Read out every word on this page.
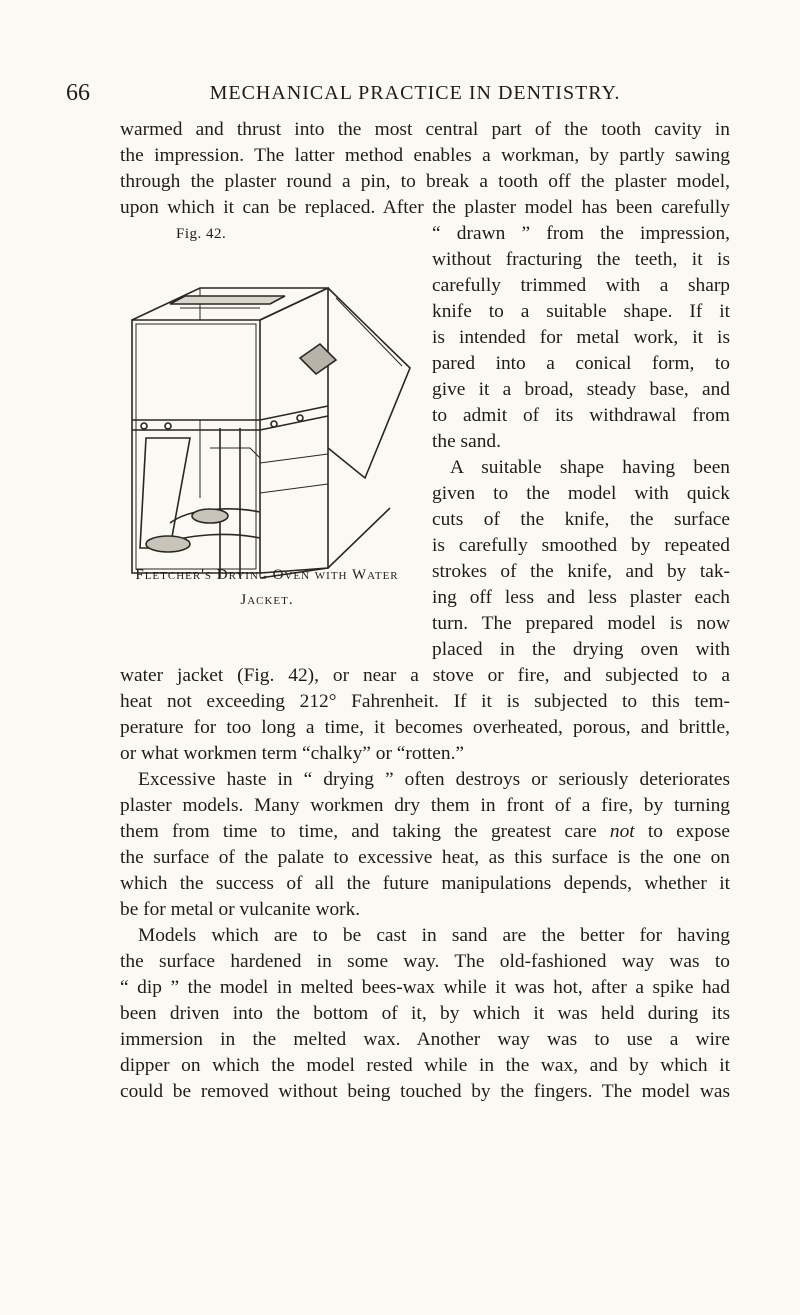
66	MECHANICAL PRACTICE IN DENTISTRY.
warmed and thrust into the most central part of the tooth cavity in
the impression. The latter method enables a workman, by partly sawing
through the plaster round a pin, to break a tooth off the plaster model,
upon which it can be replaced. After the plaster model has been carefully
“ drawn ” from the impression,
without fracturing the teeth, it is
carefully trimmed with a sharp
knife to a suitable shape. If it
is intended for metal work, it is
pared into a conical form, to
give it a broad, steady base, and
to admit of its withdrawal from
the sand.
A suitable shape having been
given to the model with quick
cuts of the knife, the surface
is carefully smoothed by repeated
strokes of the knife, and by tak-
ing off less and less plaster each
turn. The prepared model is now
placed in the drying oven with
water jacket (Fig. 42), or near a stove or fire, and subjected to a
heat not exceeding 212° Fahrenheit. If it is subjected to this tem-
perature for too long a time, it becomes overheated, porous, and brittle,
or what workmen term “chalky” or “rotten.”
Excessive haste in “ drying ” often destroys or seriously deteriorates
plaster models. Many workmen dry them in front of a fire, by turning
them from time to time, and taking the greatest care not to expose
the surface of the palate to excessive heat, as this surface is the one on
which the success of all the future manipulations depends, whether it
be for metal or vulcanite work.
Models which are to be cast in sand are the better for having
the surface hardened in some way. The old-fashioned way was to
“ dip ” the model in melted bees-wax while it was hot, after a spike had
been driven into the bottom of it, by which it was held during its
immersion in the melted wax. Another way was to use a wire
dipper on which the model rested while in the wax, and by which it
could be removed without being touched by the fingers. The model was
Fig. 42.
Fletcher's Drying Oven with Water
Jacket.
